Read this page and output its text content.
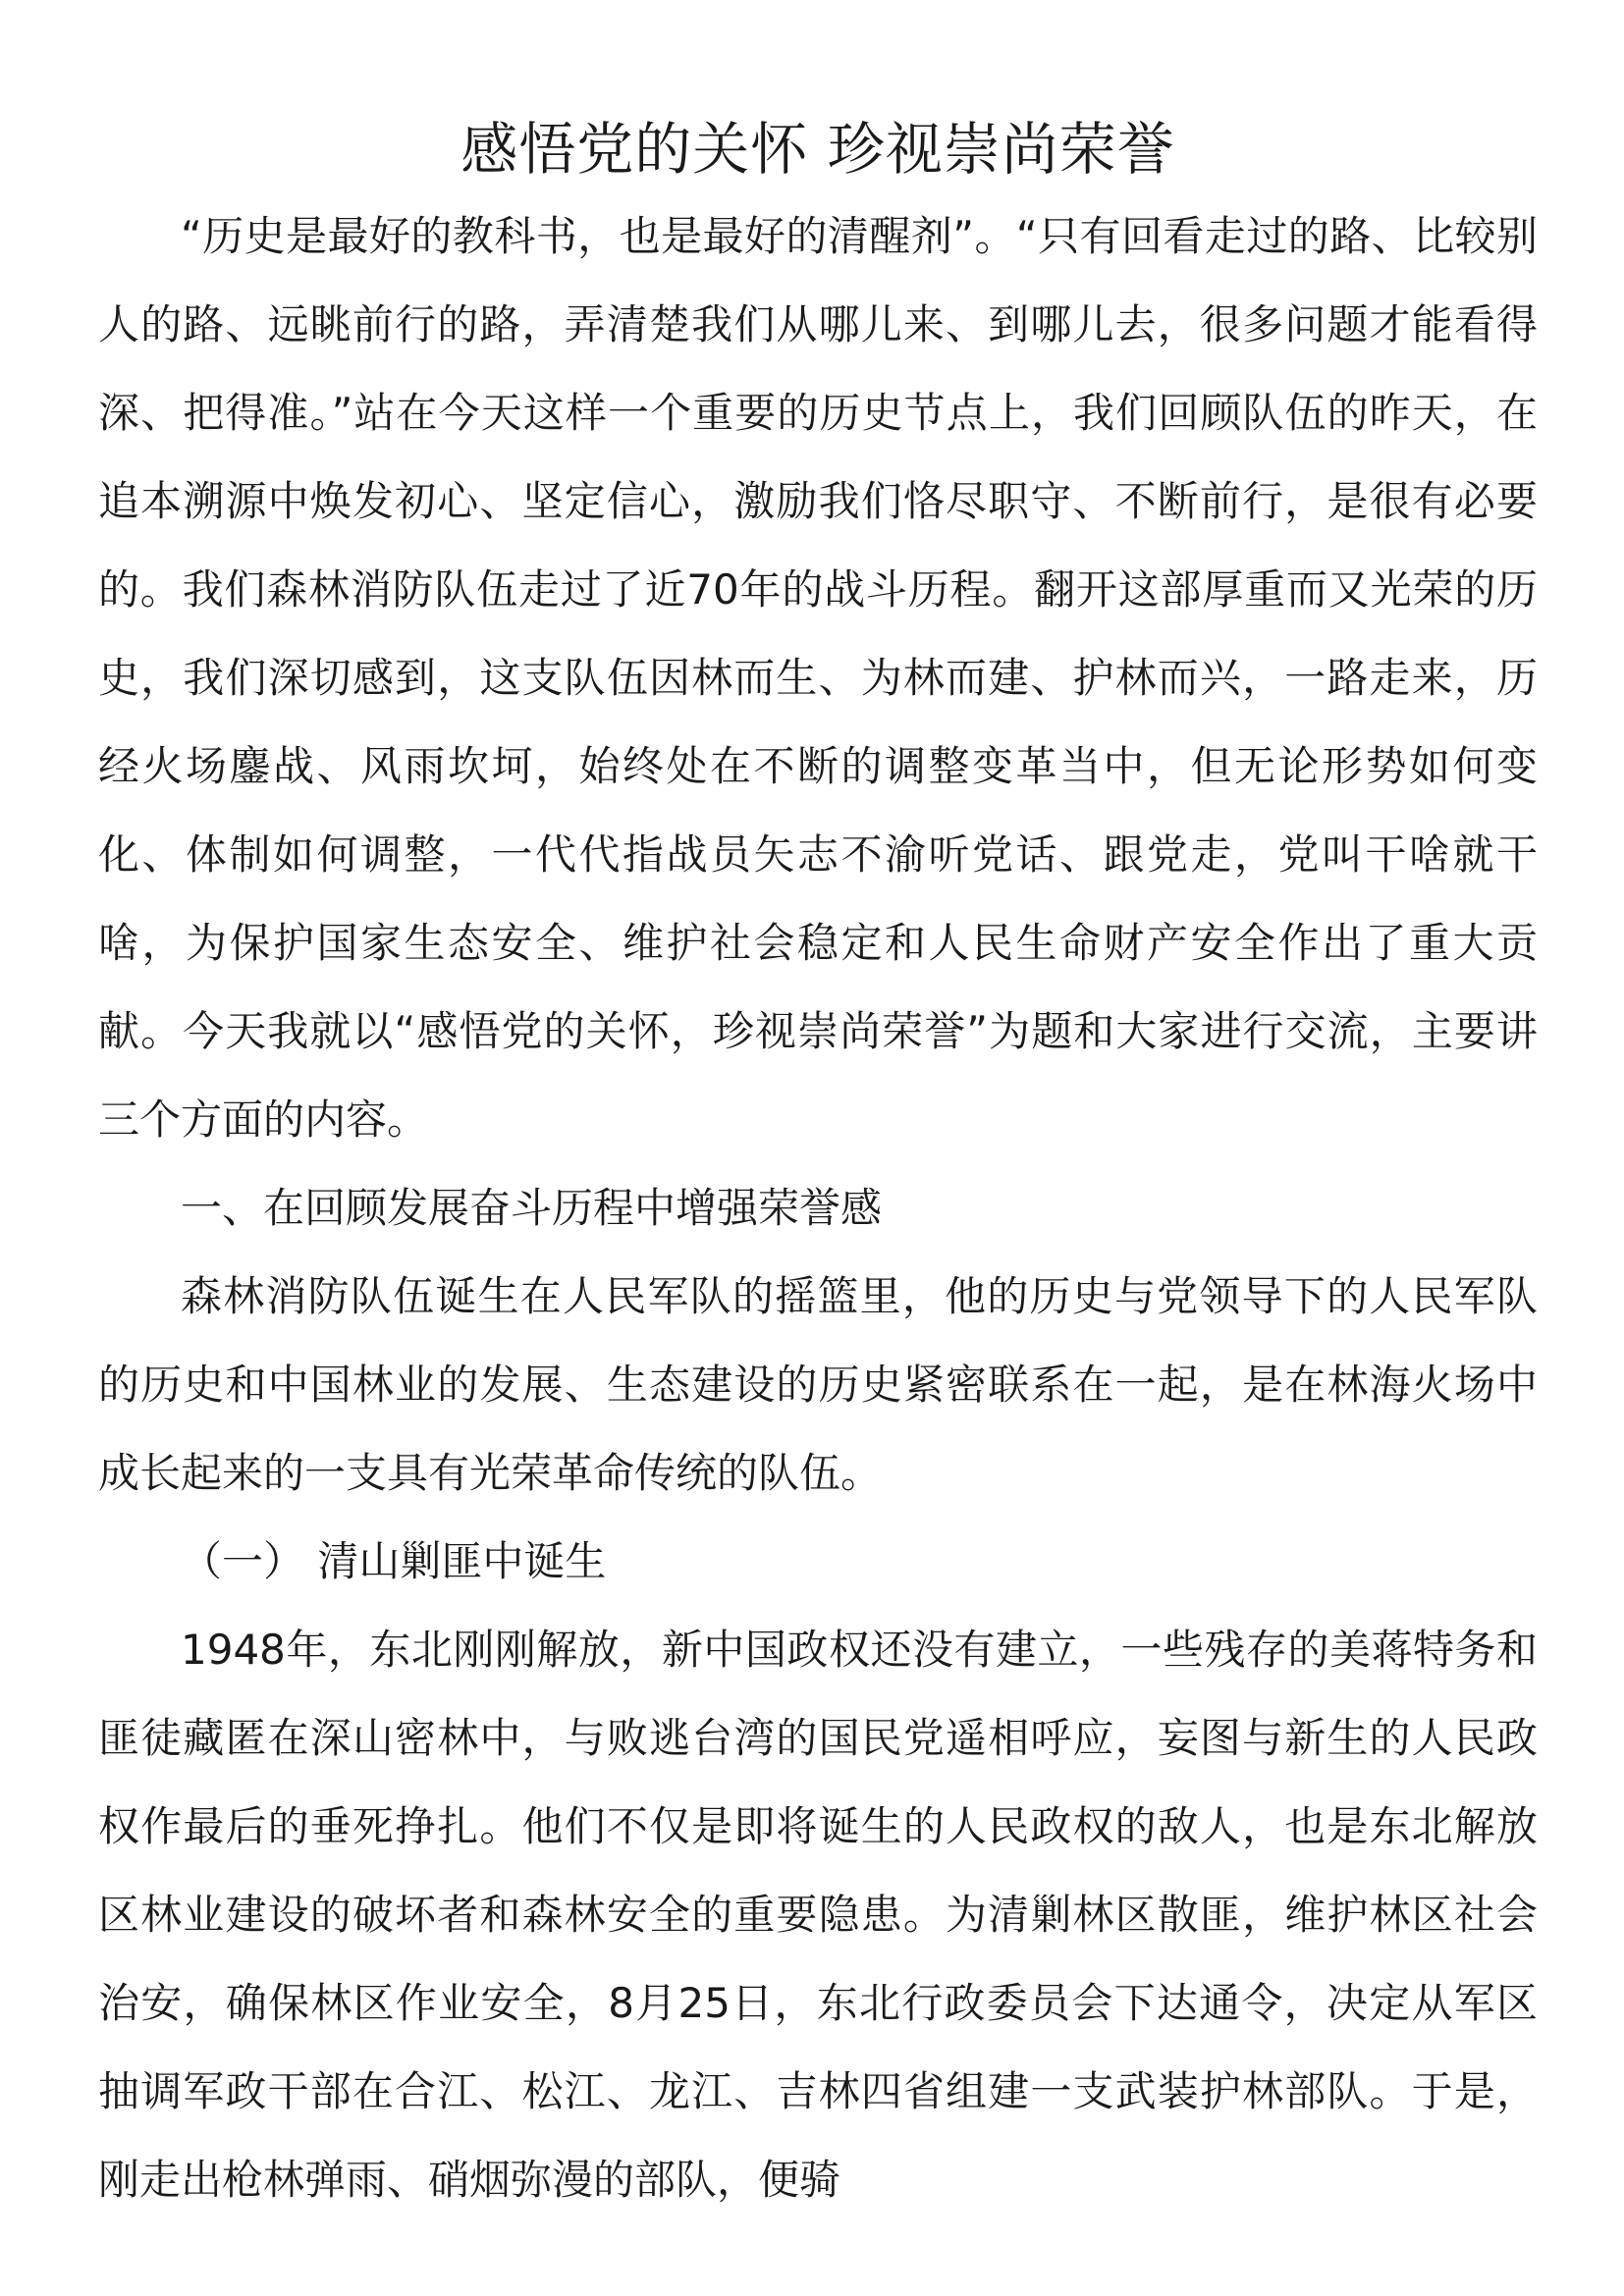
感悟党的关怀 珍视崇尚荣誉

“历史是最好的教科书，也是最好的清醒剂”。“只有回看走过的路、比较别人的路、远眺前行的路，弄清楚我们从哪儿来、到哪儿去，很多问题才能看得深、把得准。”站在今天这样一个重要的历史节点上，我们回顾队伍的昨天，在追本溯源中焕发初心、坚定信心，激励我们恪尽职守、不断前行，是很有必要的。我们森林消防队伍走过了近70年的战斗历程。翻开这部厚重而又光荣的历史，我们深切感到，这支队伍因林而生、为林而建、护林而兴，一路走来，历经火场鏖战、风雨坎坷，始终处在不断的调整变革当中，但无论形势如何变化、体制如何调整，一代代指战员矢志不渝听党话、跟党走，党叫干啥就干啥，为保护国家生态安全、维护社会稳定和人民生命财产安全作出了重大贡献。今天我就以“感悟党的关怀，珍视崇尚荣誉”为题和大家进行交流，主要讲三个方面的内容。

一、在回顾发展奋斗历程中增强荣誉感

森林消防队伍诞生在人民军队的摇篮里，他的历史与党领导下的人民军队的历史和中国林业的发展、生态建设的历史紧密联系在一起，是在林海火场中成长起来的一支具有光荣革命传统的队伍。

（一） 清山剿匪中诞生

1948年，东北刚刚解放，新中国政权还没有建立，一些残存的美蒋特务和匪徒藏匿在深山密林中，与败逃台湾的国民党遥相呼应，妄图与新生的人民政权作最后的垂死挣扎。他们不仅是即将诞生的人民政权的敌人，也是东北解放区林业建设的破坏者和森林安全的重要隐患。为清剿林区散匪，维护林区社会治安，确保林区作业安全，8月25日，东北行政委员会下达通令，决定从军区抽调军政干部在合江、松江、龙江、吉林四省组建一支武装护林部队。于是，刚走出枪林弹雨、硝烟弥漫的部队，便骑
